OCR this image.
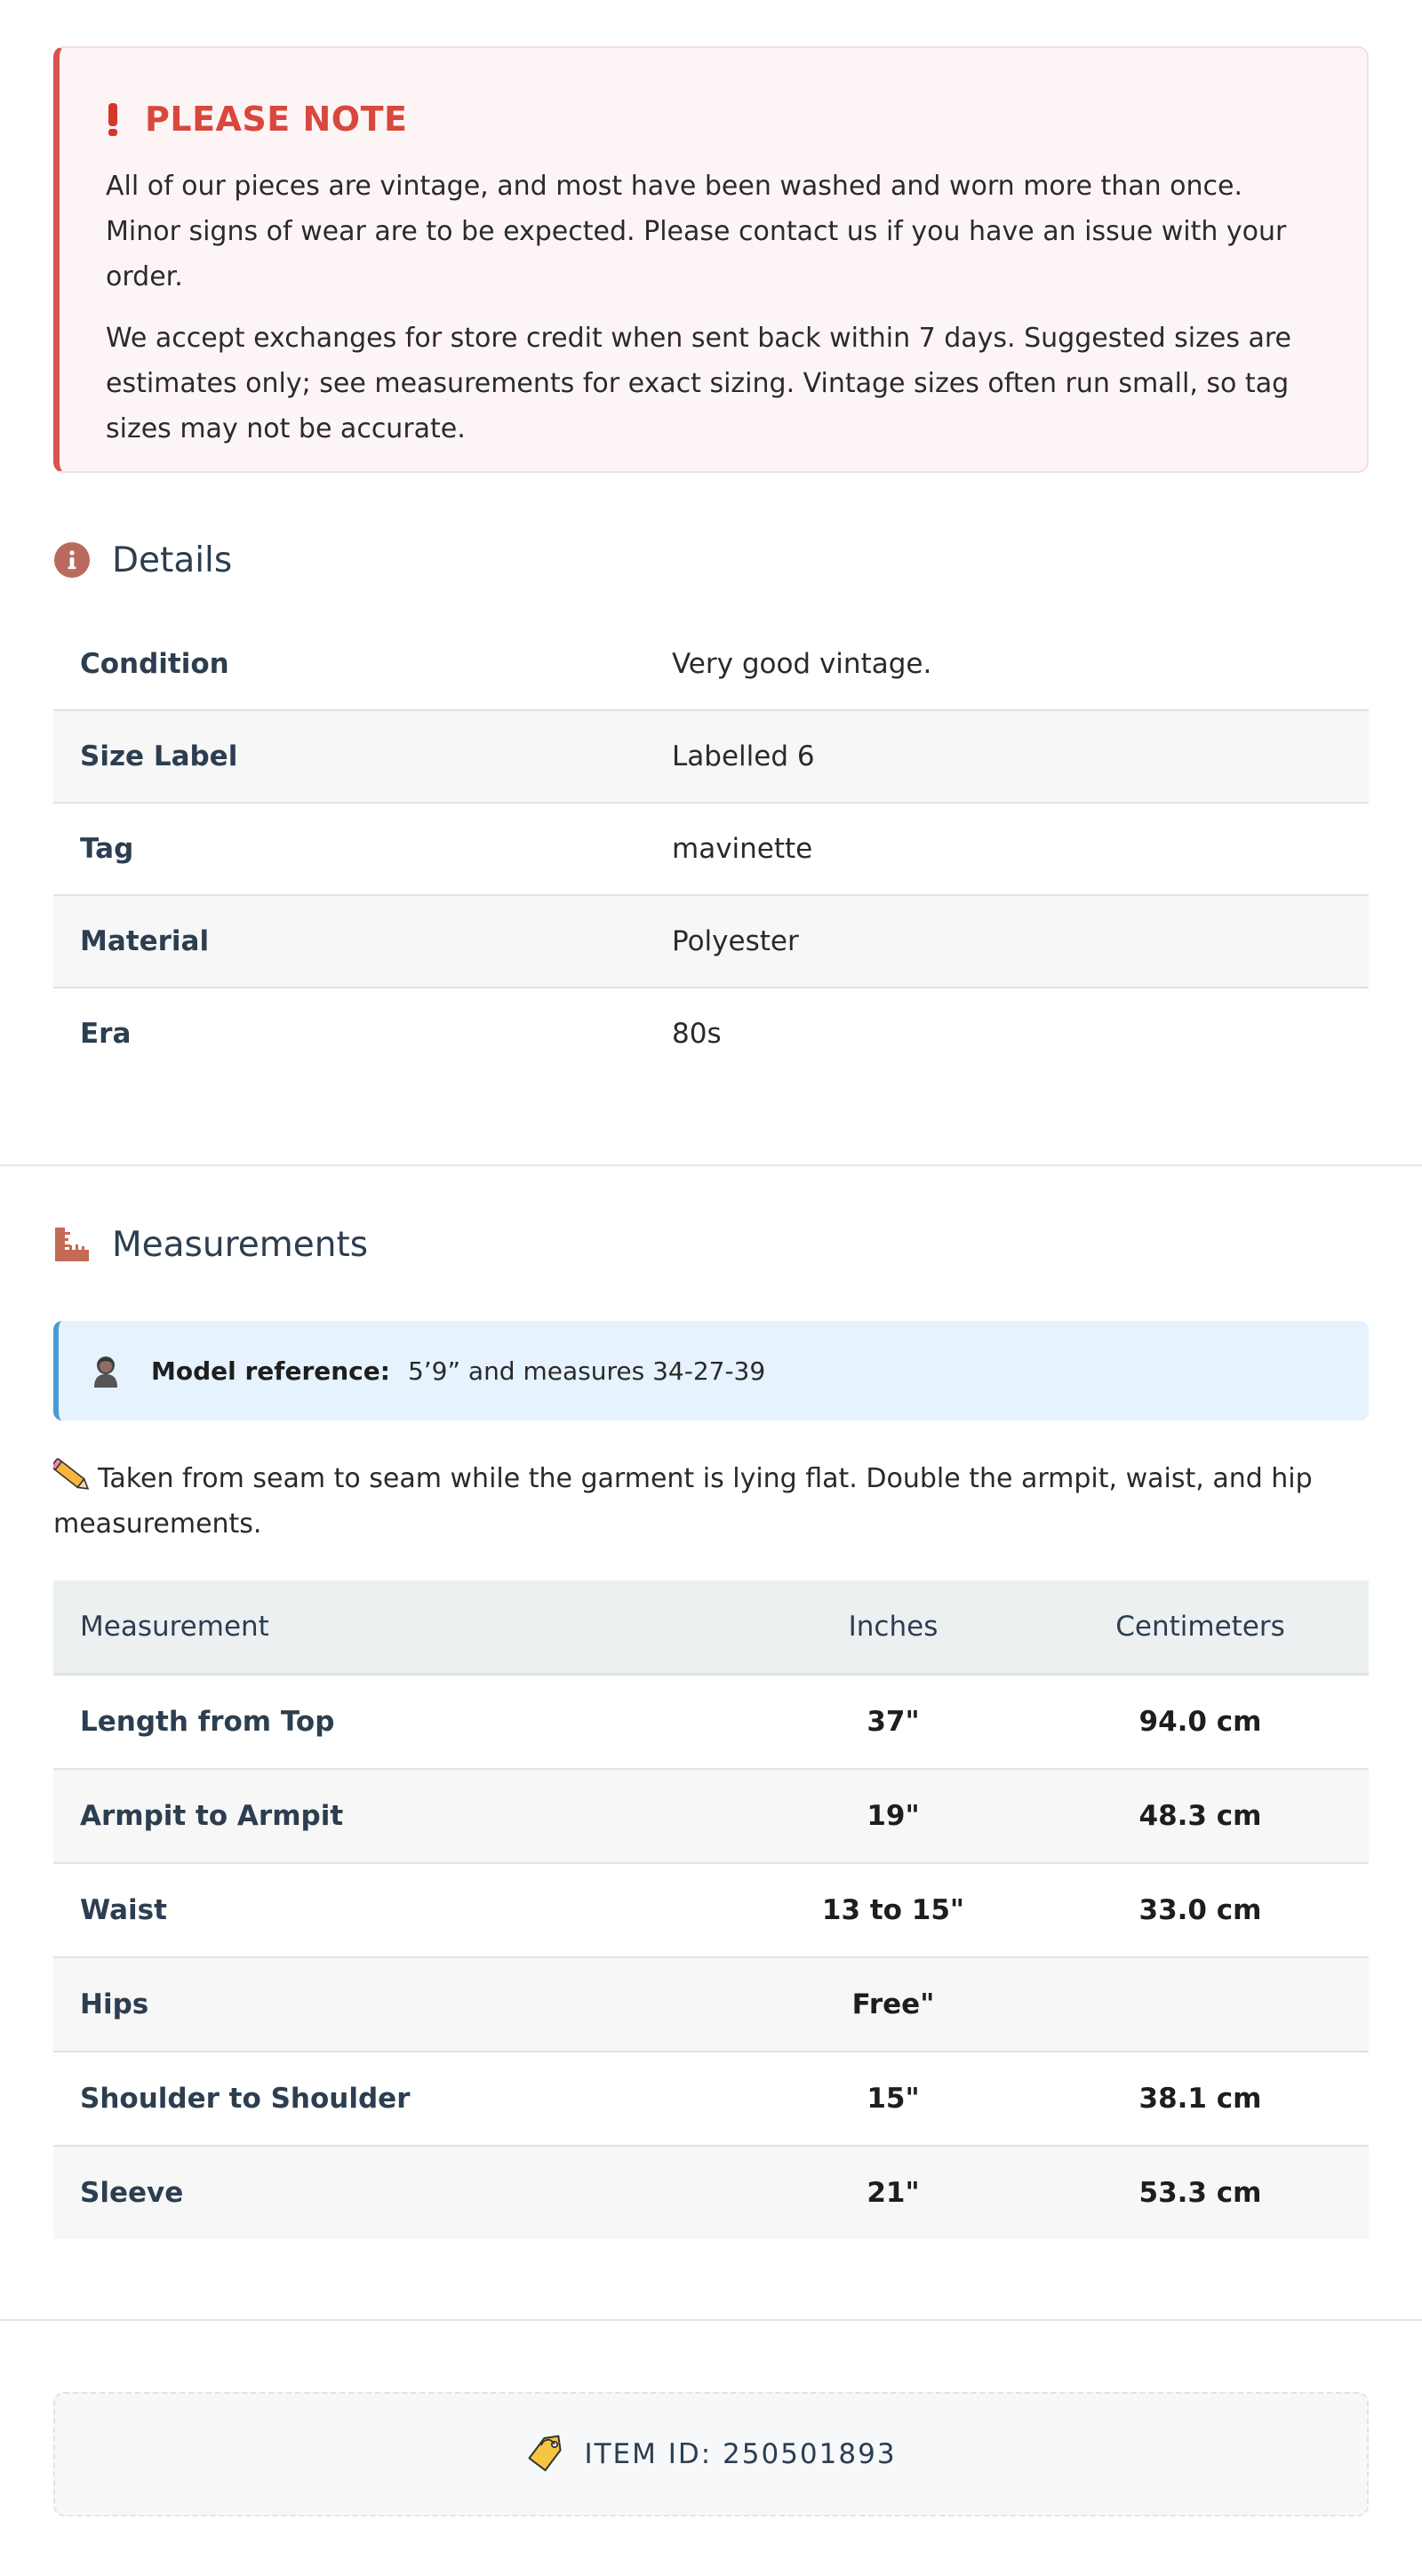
PLEASE NOTE

All of our pieces are vintage, and most have been washed and worn more than once. Minor signs of wear are to be expected. Please contact us if you have an issue with your order.

We accept exchanges for store credit when sent back within 7 days. Suggested sizes are estimates only; see measurements for exact sizing. Vintage sizes often run small, so tag sizes may not be accurate.

Details
Condition	Very good vintage.
Size Label	Labelled 6
Tag	mavinette
Material	Polyester
Era	80s
Measurements
Model reference: 5’9” and measures 34-27-39
Taken from seam to seam while the garment is lying flat. Double the armpit, waist, and hip measurements.
Measurement	Inches	Centimeters
Length from Top	37"	94.0 cm
Armpit to Armpit	19"	48.3 cm
Waist	13 to 15"	33.0 cm
Hips	Free"	
Shoulder to Shoulder	15"	38.1 cm
Sleeve	21"	53.3 cm
ITEM ID: 250501893
